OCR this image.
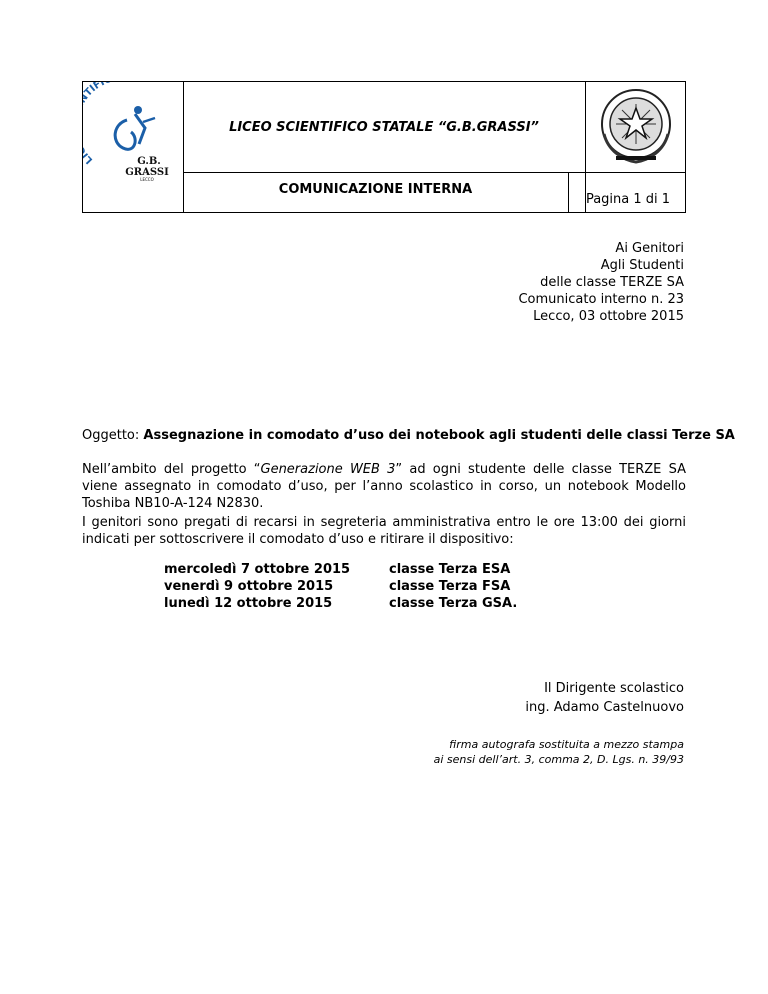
L TIFI
G.B.
GRASSI
LECCO
LICEO SCIENTIFICO STATALE “G.B.GRASSI”
COMUNICAZIONE INTERNA
Pagina 1 di 1
Ai Genitori
Agli Studenti
delle classe TERZE SA
Comunicato interno n. 23
Lecco, 03 ottobre 2015
Oggetto: Assegnazione in comodato d’uso dei notebook agli studenti delle classi Terze SA
Nell’ambito del progetto “Generazione WEB 3” ad ogni studente delle classe TERZE SA viene assegnato in comodato d’uso, per l’anno scolastico in corso, un notebook Modello Toshiba NB10-A-124 N2830.
I genitori sono pregati di recarsi in segreteria amministrativa entro le ore 13:00 dei giorni indicati per sottoscrivere il comodato d’uso e ritirare il dispositivo:
mercoledì 7 ottobre 2015
venerdì 9 ottobre 2015
lunedì 12 ottobre 2015
classe Terza ESA
classe Terza FSA
classe Terza GSA.
Il Dirigente scolastico
ing. Adamo Castelnuovo
firma autografa sostituita a mezzo stampa
ai sensi dell’art. 3, comma 2, D. Lgs. n. 39/93
